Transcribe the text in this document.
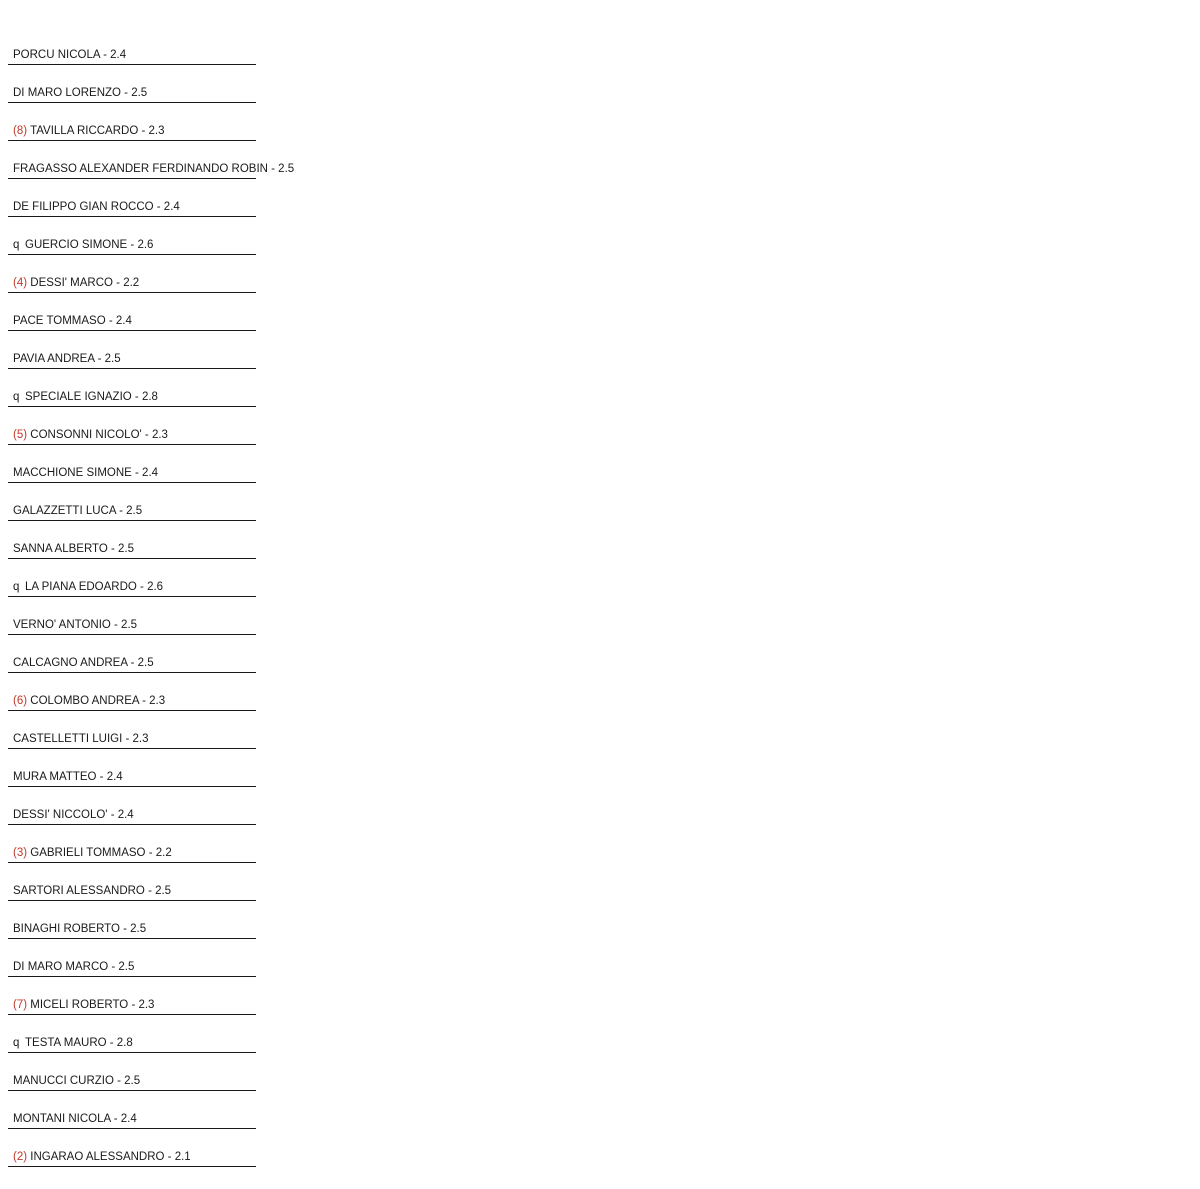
PORCU NICOLA - 2.4
DI MARO LORENZO - 2.5
(8) TAVILLA RICCARDO - 2.3
FRAGASSO ALEXANDER FERDINANDO ROBIN - 2.5
DE FILIPPO GIAN ROCCO - 2.4
q GUERCIO SIMONE - 2.6
(4) DESSI' MARCO - 2.2
PACE TOMMASO - 2.4
PAVIA ANDREA - 2.5
q SPECIALE IGNAZIO - 2.8
(5) CONSONNI NICOLO' - 2.3
MACCHIONE SIMONE - 2.4
GALAZZETTI LUCA - 2.5
SANNA ALBERTO - 2.5
q LA PIANA EDOARDO - 2.6
VERNO' ANTONIO - 2.5
CALCAGNO ANDREA - 2.5
(6) COLOMBO ANDREA - 2.3
CASTELLETTI LUIGI - 2.3
MURA MATTEO - 2.4
DESSI' NICCOLO' - 2.4
(3) GABRIELI TOMMASO - 2.2
SARTORI ALESSANDRO - 2.5
BINAGHI ROBERTO - 2.5
DI MARO MARCO - 2.5
(7) MICELI ROBERTO - 2.3
q TESTA MAURO - 2.8
MANUCCI CURZIO - 2.5
MONTANI NICOLA - 2.4
(2) INGARAO ALESSANDRO - 2.1
